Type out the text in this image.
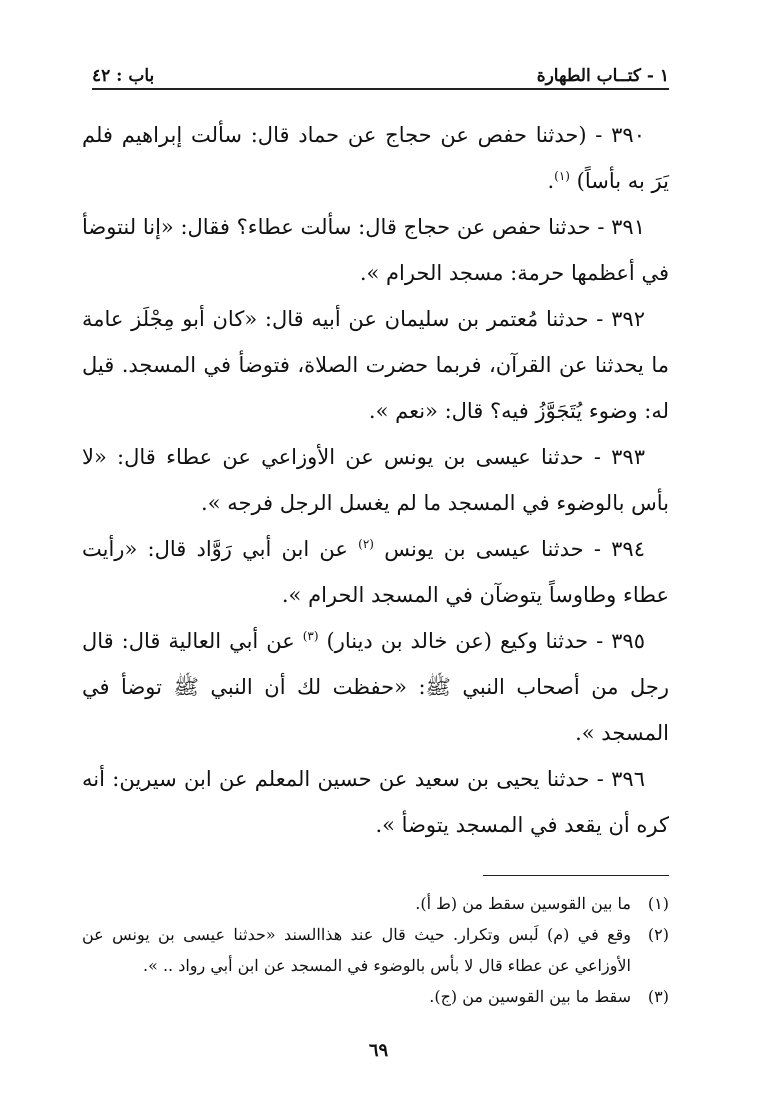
١ - كتــاب الطهارة
باب : ٤٢

٣٩٠ - (حدثنا حفص عن حجاج عن حماد قال: سألت إبراهيم فلم يَرَ به بأساً) $^{(١)}$.

٣٩١ - حدثنا حفص عن حجاج قال: سألت عطاء؟ فقال: «إنا لنتوضأ في أعظمها حرمة: مسجد الحرام ».

٣٩٢ - حدثنا مُعتمر بن سليمان عن أبيه قال: «كان أبو مِجْلَز عامة ما يحدثنا عن القرآن، فربما حضرت الصلاة، فتوضأ في المسجد. قيل له: وضوء يُتَجَوَّزُ فيه؟ قال: «نعم ».

٣٩٣ - حدثنا عيسى بن يونس عن الأوزاعي عن عطاء قال: «لا بأس بالوضوء في المسجد ما لم يغسل الرجل فرجه ».

٣٩٤ - حدثنا عيسى بن يونس $^{(٢)}$ عن ابن أبي رَوَّاد قال: «رأيت عطاء وطاوساً يتوضآن في المسجد الحرام ».

٣٩٥ - حدثنا وكيع (عن خالد بن دينار) $^{(٣)}$ عن أبي العالية قال: قال رجل من أصحاب النبي ﷺ: «حفظت لك أن النبي ﷺ توضأ في المسجد ».

٣٩٦ - حدثنا يحيى بن سعيد عن حسين المعلم عن ابن سيرين: أنه كره أن يقعد في المسجد يتوضأ ».

(١)
ما بين القوسين سقط من (ط أ).
(٢)
وقع في (م) لَبس وتكرار. حيث قال عند هذاالسند «حدثنا عيسى بن يونس عن الأوزاعي عن عطاء قال لا بأس بالوضوء في المسجد عن ابن أبي رواد .. ».
(٣)
سقط ما بين القوسين من (ج).
٦٩
